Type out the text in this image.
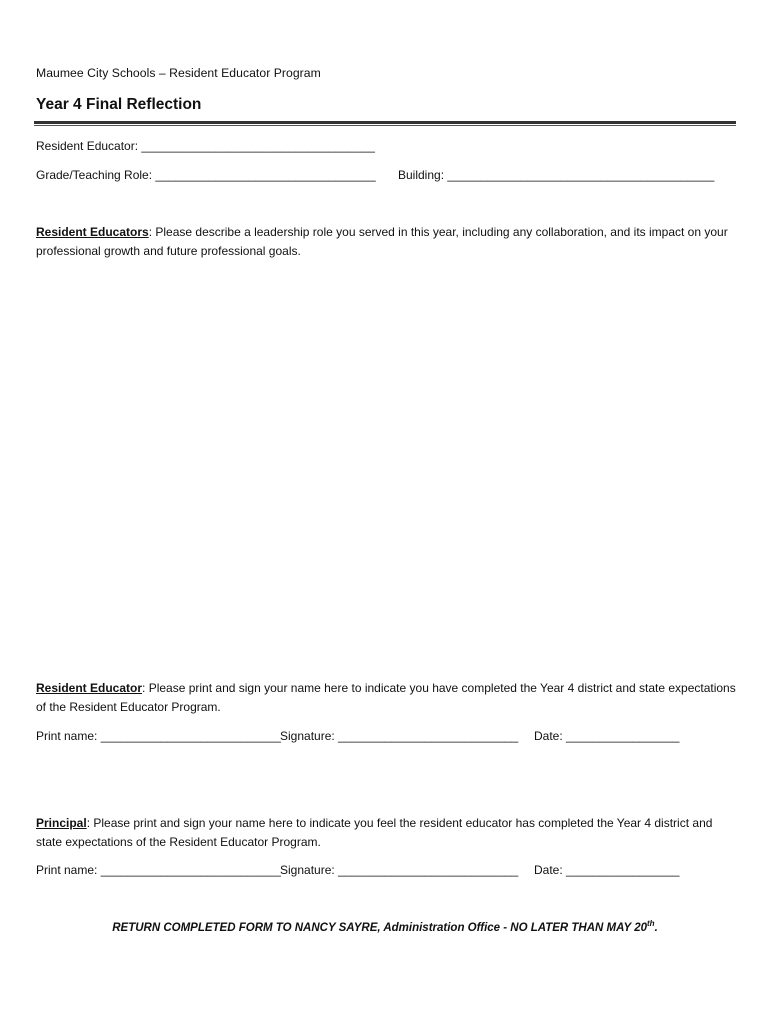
Maumee City Schools – Resident Educator Program
Year 4 Final Reflection
Resident Educator: ___________________________________
Grade/Teaching Role: _________________________________ Building: ________________________________________
Resident Educators: Please describe a leadership role you served in this year, including any collaboration, and its impact on your professional growth and future professional goals.
Resident Educator: Please print and sign your name here to indicate you have completed the Year 4 district and state expectations of the Resident Educator Program.
Print name: ___________________________ Signature: ___________________________ Date: _________________
Principal: Please print and sign your name here to indicate you feel the resident educator has completed the Year 4 district and state expectations of the Resident Educator Program.
Print name: ___________________________ Signature: ___________________________ Date: _________________
RETURN COMPLETED FORM TO NANCY SAYRE, Administration Office - NO LATER THAN MAY 20th.
